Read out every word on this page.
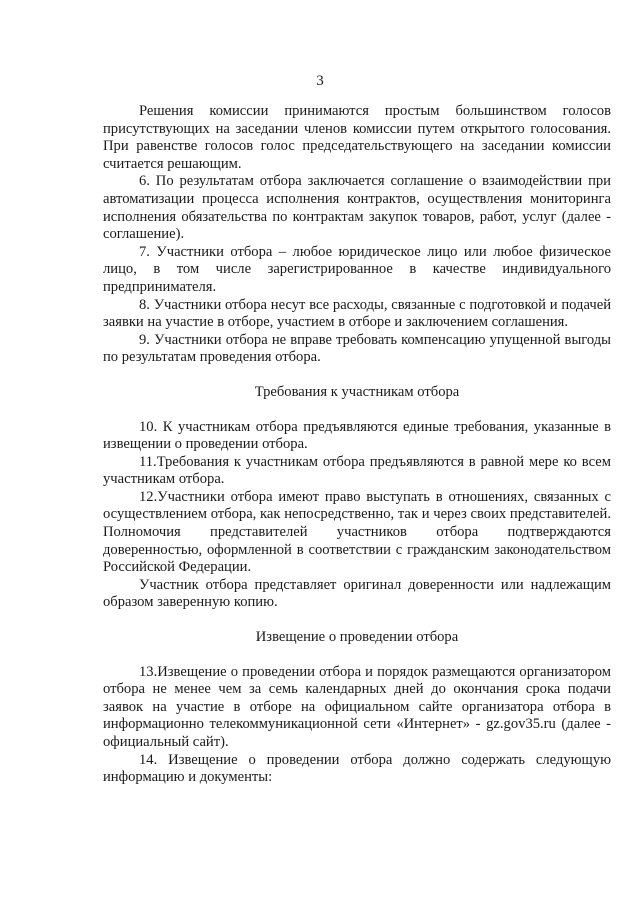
3

Решения комиссии принимаются простым большинством голосов присутствующих на заседании членов комиссии путем открытого голосования. При равенстве голосов голос председательствующего на заседании комиссии считается решающим.

6. По результатам отбора заключается соглашение о взаимодействии при автоматизации процесса исполнения контрактов, осуществления мониторинга исполнения обязательства по контрактам закупок товаров, работ, услуг (далее - соглашение).

7. Участники отбора – любое юридическое лицо или любое физическое лицо, в том числе зарегистрированное в качестве индивидуального предпринимателя.

8. Участники отбора несут все расходы, связанные с подготовкой и подачей заявки на участие в отборе, участием в отборе и заключением соглашения.

9. Участники отбора не вправе требовать компенсацию упущенной выгоды по результатам проведения отбора.

Требования к участникам отбора

10. К участникам отбора предъявляются единые требования, указанные в извещении о проведении отбора.

11.Требования к участникам отбора предъявляются в равной мере ко всем участникам отбора.

12.Участники отбора имеют право выступать в отношениях, связанных с осуществлением отбора, как непосредственно, так и через своих представителей. Полномочия представителей участников отбора подтверждаются доверенностью, оформленной в соответствии с гражданским законодательством Российской Федерации.

Участник отбора представляет оригинал доверенности или надлежащим образом заверенную копию.

Извещение о проведении отбора

13.Извещение о проведении отбора и порядок размещаются организатором отбора не менее чем за семь календарных дней до окончания срока подачи заявок на участие в отборе на официальном сайте организатора отбора в информационно телекоммуникационной сети «Интернет» - gz.gov35.ru (далее - официальный сайт).

14. Извещение о проведении отбора должно содержать следующую информацию и документы:
